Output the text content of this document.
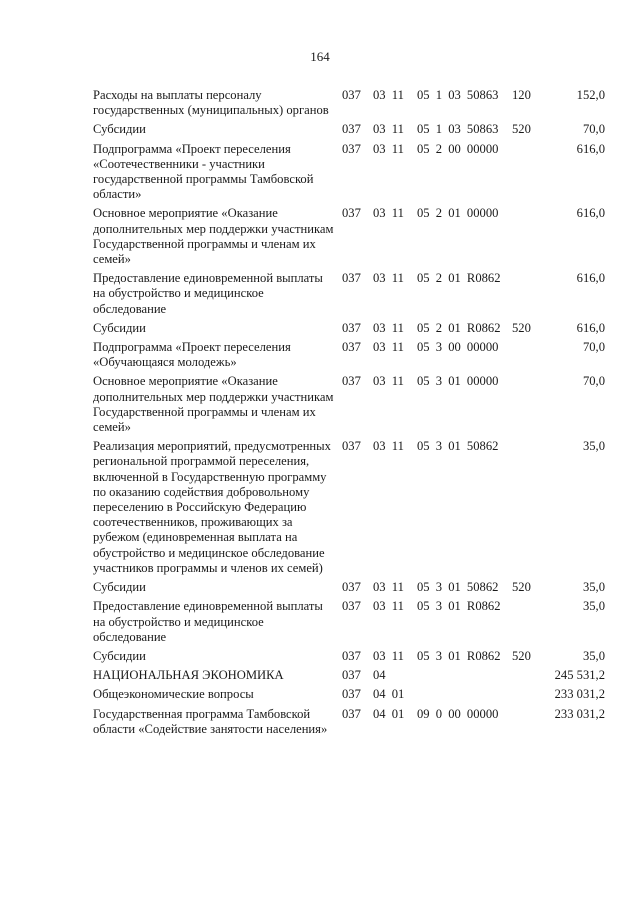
164
Расходы на выплаты персоналу государственных (муниципальных) органов	037	03 11	05 1 03 50863	120	152,0
Субсидии	037	03 11	05 1 03 50863	520	70,0
Подпрограмма «Проект переселения «Соотечественники - участники государственной программы Тамбовской области»	037	03 11	05 2 00 00000		616,0
Основное мероприятие «Оказание дополнительных мер поддержки участникам Государственной программы и членам их семей»	037	03 11	05 2 01 00000		616,0
Предоставление единовременной выплаты на обустройство и медицинское обследование	037	03 11	05 2 01 R0862		616,0
Субсидии	037	03 11	05 2 01 R0862	520	616,0
Подпрограмма «Проект переселения «Обучающаяся молодежь»	037	03 11	05 3 00 00000		70,0
Основное мероприятие «Оказание дополнительных мер поддержки участникам Государственной программы и членам их семей»	037	03 11	05 3 01 00000		70,0
Реализация мероприятий, предусмотренных региональной программой переселения, включенной в Государственную программу по оказанию содействия добровольному переселению в Российскую Федерацию соотечественников, проживающих за рубежом (единовременная выплата на обустройство и медицинское обследование участников программы и членов их семей)	037	03 11	05 3 01 50862		35,0
Субсидии	037	03 11	05 3 01 50862	520	35,0
Предоставление единовременной выплаты на обустройство и медицинское обследование	037	03 11	05 3 01 R0862		35,0
Субсидии	037	03 11	05 3 01 R0862	520	35,0
НАЦИОНАЛЬНАЯ ЭКОНОМИКА	037	04			245 531,2
Общеэкономические вопросы	037	04 01			233 031,2
Государственная программа Тамбовской области «Содействие занятости населения»	037	04 01	09 0 00 00000		233 031,2
